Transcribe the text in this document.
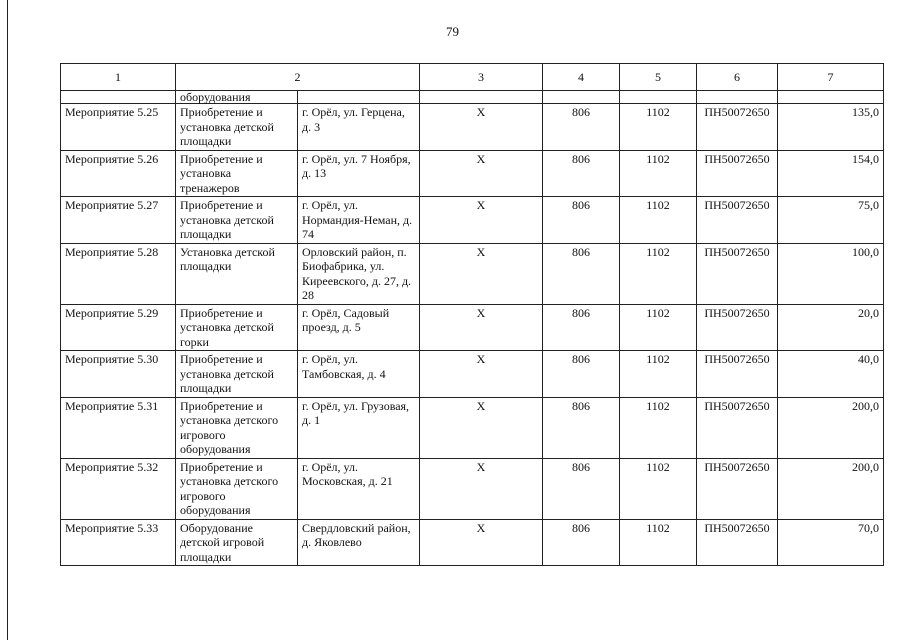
79
1	2		3	4	5	6	7
	оборудования						
Мероприятие 5.25	Приобретение и установка детской площадки	г. Орёл, ул. Герцена, д. 3	Х	806	1102	ПН50072650	135,0
Мероприятие 5.26	Приобретение и установка тренажеров	г. Орёл, ул. 7 Ноября, д. 13	Х	806	1102	ПН50072650	154,0
Мероприятие 5.27	Приобретение и установка детской площадки	г. Орёл, ул. Нормандия-Неман, д. 74	Х	806	1102	ПН50072650	75,0
Мероприятие 5.28	Установка детской площадки	Орловский район, п. Биофабрика, ул. Киреевского, д. 27, д. 28	Х	806	1102	ПН50072650	100,0
Мероприятие 5.29	Приобретение и установка детской горки	г. Орёл, Садовый проезд, д. 5	Х	806	1102	ПН50072650	20,0
Мероприятие 5.30	Приобретение и установка детской площадки	г. Орёл, ул. Тамбовская, д. 4	Х	806	1102	ПН50072650	40,0
Мероприятие 5.31	Приобретение и установка детского игрового оборудования	г. Орёл, ул. Грузовая, д. 1	Х	806	1102	ПН50072650	200,0
Мероприятие 5.32	Приобретение и установка детского игрового оборудования	г. Орёл, ул. Московская, д. 21	Х	806	1102	ПН50072650	200,0
Мероприятие 5.33	Оборудование детской игровой площадки	Свердловский район, д. Яковлево	Х	806	1102	ПН50072650	70,0
